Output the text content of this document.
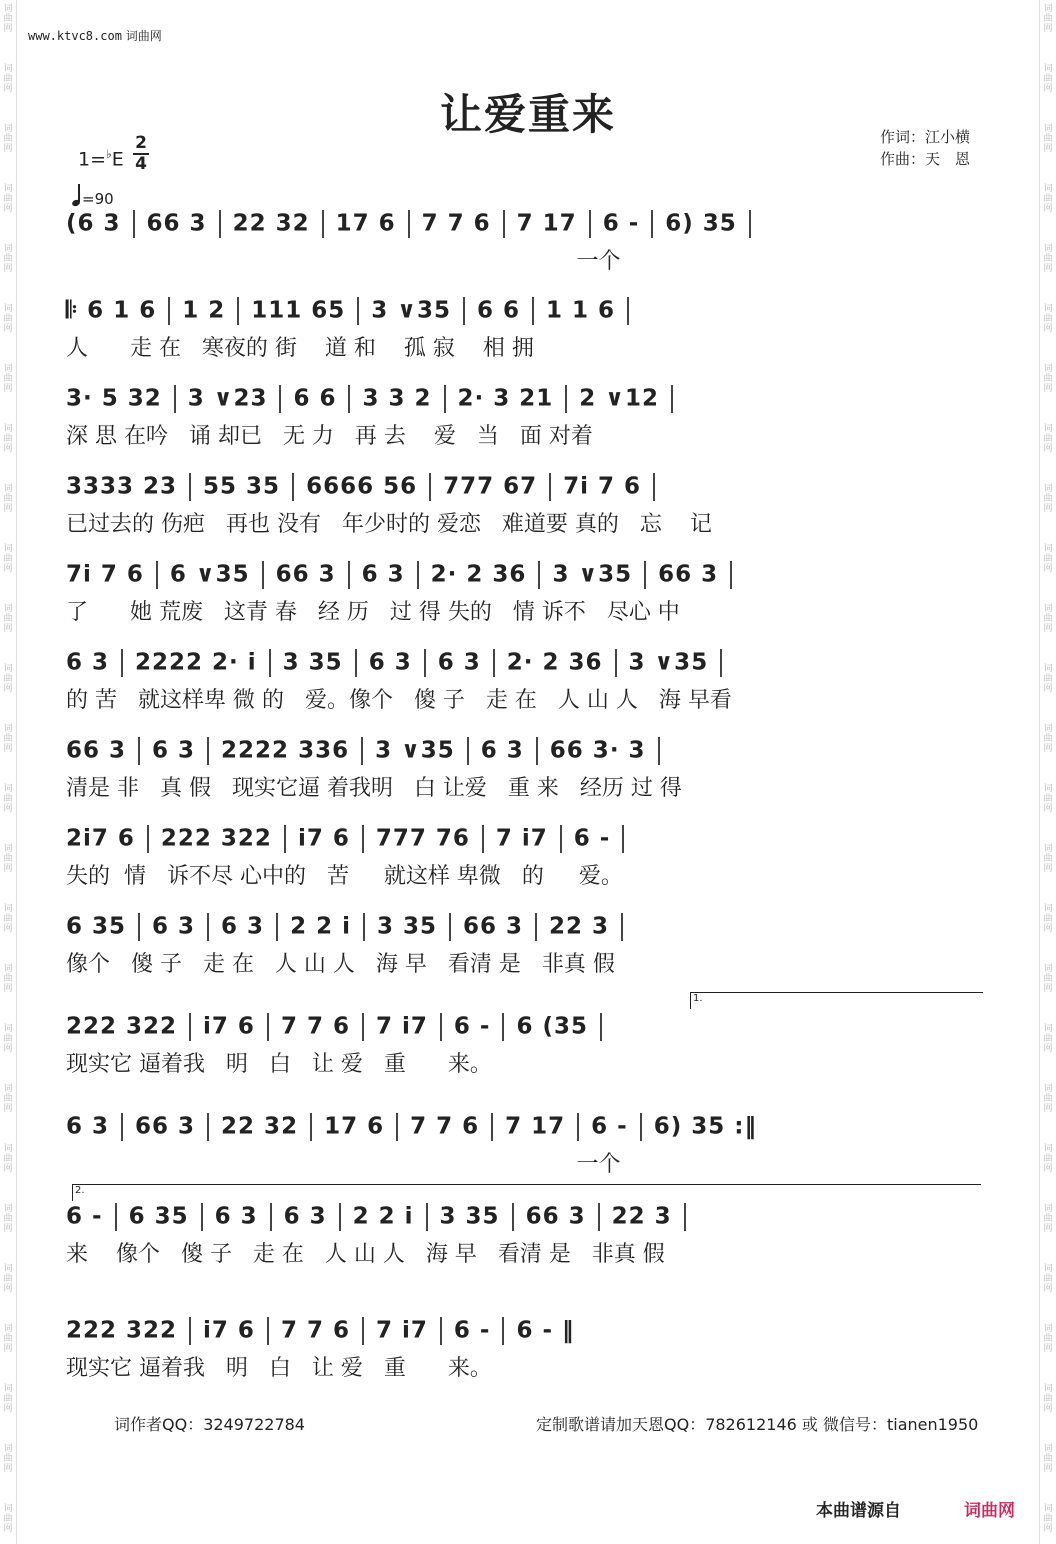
词曲网
词曲网
词曲网
词曲网
词曲网
词曲网
词曲网
词曲网
词曲网
词曲网
词曲网
词曲网
词曲网
词曲网
词曲网
词曲网
词曲网
词曲网
词曲网
词曲网
词曲网
词曲网
词曲网
词曲网
词曲网
词曲网
词曲网
词曲网
词曲网
词曲网
词曲网
词曲网
词曲网
词曲网
词曲网
词曲网
词曲网
词曲网
词曲网
词曲网
词曲网
词曲网
词曲网
词曲网
词曲网
词曲网
词曲网
词曲网
词曲网
词曲网
词曲网
词曲网
www.ktvc8.com 词曲网
让爱重来	作词：江小横
作曲：天　恩
1=♭E
2
4
=90
(6 3 66 3 22 32 17 6 7 7 6 7 17 6 - 6) 35
一个
𝄆 6 1 6 1 2 111 65 3 ∨35 6 6 1 1 6
人      走 在   寒夜的 街    道 和    孤 寂    相 拥
3· 5 32 3 ∨23 6 6 3 3 2 2· 3 21 2 ∨12
深 思 在吟   诵 却已   无 力   再 去    爱   当   面 对着
3333 23 55 35 6666 56 777 67 7i 7 6
已过去的 伤疤   再也 没有   年少时的 爱恋   难道要 真的   忘    记
7i 7 6 6 ∨35 66 3 6 3 2· 2 36 3 ∨35 66 3
了      她 荒废   这青 春   经 历   过 得 失的   情 诉不   尽心 中
6 3 2222 2· i 3 35 6 3 6 3 2· 2 36 3 ∨35
的 苦   就这样卑 微 的   爱。像个   傻 子   走 在   人 山 人   海 早看
66 3 6 3 2222 336 3 ∨35 6 3 66 3· 3
清是 非   真 假   现实它逼 着我明   白 让爱   重 来   经历 过 得
2i7 6 222 322 i7 6 777 76 7 i7 6 -
失的  情   诉不尽 心中的   苦     就这样 卑微   的     爱。
6 35 6 3 6 3 2 2 i 3 35 66 3 22 3
像个   傻 子   走 在   人 山 人   海 早   看清 是   非真 假
222 322 i7 6 7 7 6 7 i7 6 - 6 (35
现实它 逼着我   明   白   让 爱   重      来。
6 3 66 3 22 32 17 6 7 7 6 7 17 6 - 6) 35 :‖
一个
6 - 6 35 6 3 6 3 2 2 i 3 35 66 3 22 3
来    像个   傻 子   走 在   人 山 人   海 早   看清 是   非真 假
222 322 i7 6 7 7 6 7 i7 6 - 6 - ‖
现实它 逼着我   明   白   让 爱   重      来。
1.
2.
词作者QQ：3249722784	定制歌谱请加天恩QQ：782612146 或 微信号：tianen1950
本曲谱源自	词曲网
